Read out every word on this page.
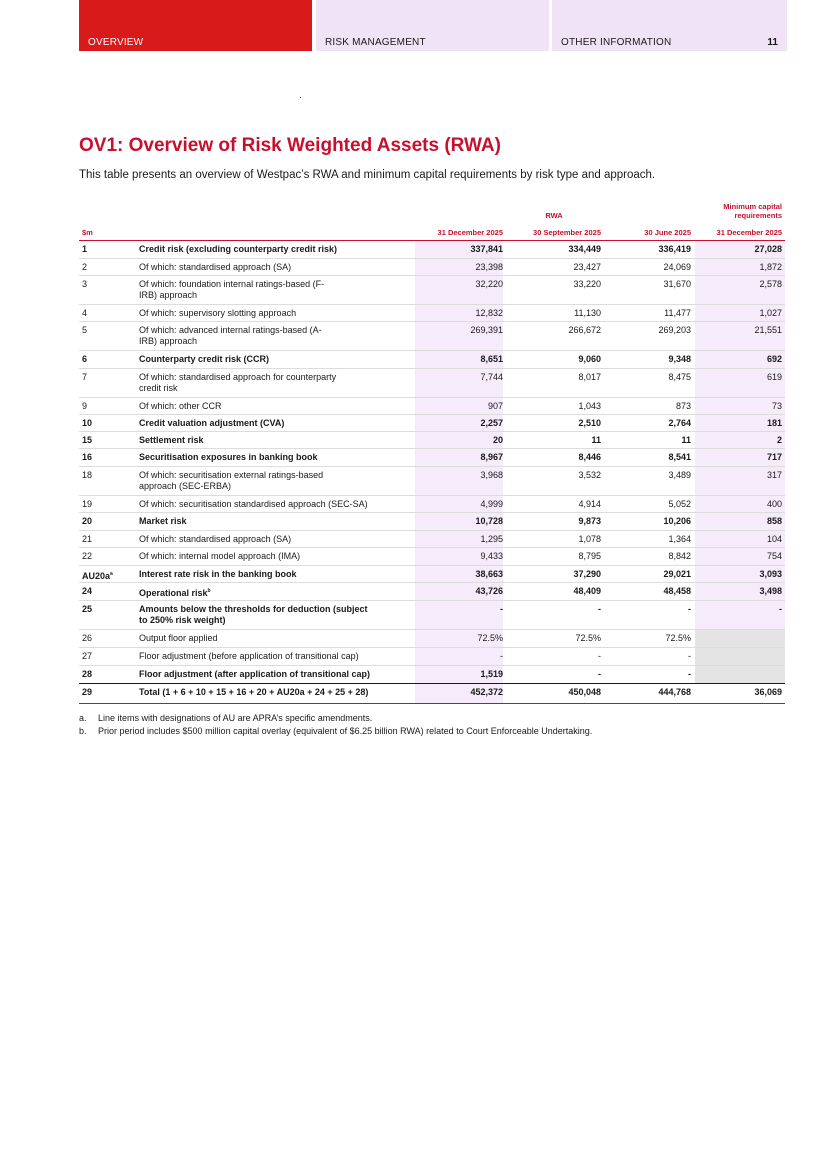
OVERVIEW	RISK MANAGEMENT	OTHER INFORMATION	11
OV1: Overview of Risk Weighted Assets (RWA)

This table presents an overview of Westpac’s RWA and minimum capital requirements by risk type and approach.

RWA
Minimum capital
requirements
$m	31 December 2025	30 September 2025	30 June 2025	31 December 2025
1	Credit risk (excluding counterparty credit risk)	337,841	334,449	336,419	27,028
2	Of which: standardised approach (SA)	23,398	23,427	24,069	1,872
3	Of which: foundation internal ratings-based (F-
IRB) approach
32,220	33,220	31,670	2,578
4	Of which: supervisory slotting approach	12,832	11,130	11,477	1,027
5	Of which: advanced internal ratings-based (A-
IRB) approach
269,391	266,672	269,203	21,551
6	Counterparty credit risk (CCR)	8,651	9,060	9,348	692
7	Of which: standardised approach for counterparty
credit risk
7,744	8,017	8,475	619
9	Of which: other CCR	907	1,043	873	73
10	Credit valuation adjustment (CVA)	2,257	2,510	2,764	181
15	Settlement risk	20	11	11	2
16	Securitisation exposures in banking book	8,967	8,446	8,541	717
18	Of which: securitisation external ratings-based
approach (SEC-ERBA)
3,968	3,532	3,489	317
19	Of which: securitisation standardised approach (SEC-SA)	4,999	4,914	5,052	400
20	Market risk	10,728	9,873	10,206	858
21	Of which: standardised approach (SA)	1,295	1,078	1,364	104
22	Of which: internal model approach (IMA)	9,433	8,795	8,842	754
$AU20a^a$	Interest rate risk in the banking book	38,663	37,290	29,021	3,093
24	Operational risk$^b$	43,726	48,409	48,458	3,498
25	Amounts below the thresholds for deduction (subject
to 250% risk weight)
-	-	-	-
26	Output floor applied	72.5%	72.5%	72.5%
27	Floor adjustment (before application of transitional cap)	-	-	-
28	Floor adjustment (after application of transitional cap)	1,519	-	-
29	Total (1 + 6 + 10 + 15 + 16 + 20 + AU20a + 24 + 25 + 28)	452,372	450,048	444,768	36,069
a. Line items with designations of AU are APRA’s specific amendments.
b. Prior period includes $500 million capital overlay (equivalent of $6.25 billion RWA) related to Court Enforceable Undertaking.
